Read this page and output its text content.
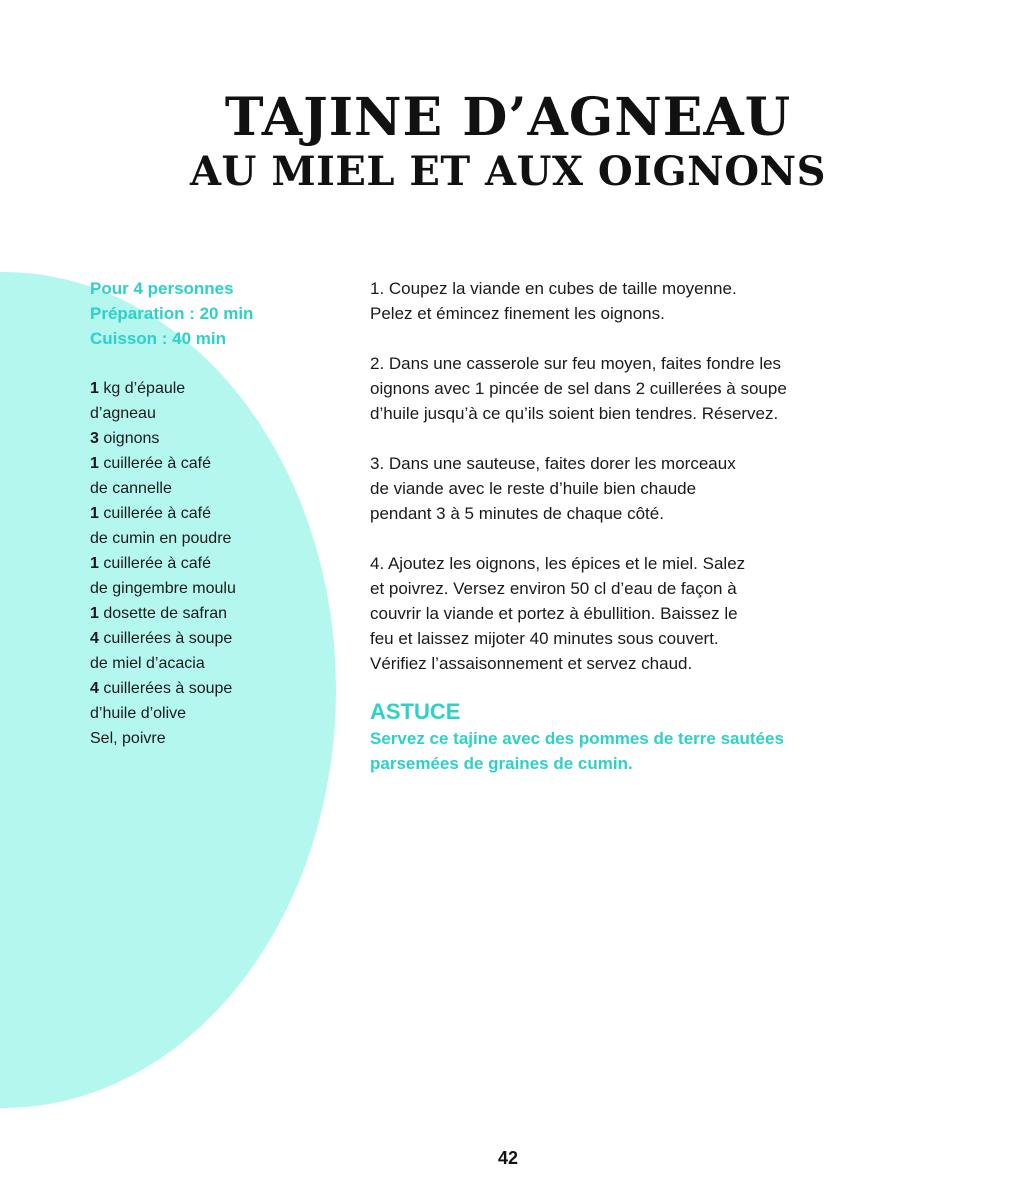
TAJINE D’AGNEAU
AU MIEL ET AUX OIGNONS
Pour 4 personnes
Préparation : 20 min
Cuisson : 40 min
1 kg d’épaule
d’agneau
3 oignons
1 cuillerée à café
de cannelle
1 cuillerée à café
de cumin en poudre
1 cuillerée à café
de gingembre moulu
1 dosette de safran
4 cuillerées à soupe
de miel d’acacia
4 cuillerées à soupe
d’huile d’olive
Sel, poivre
1. Coupez la viande en cubes de taille moyenne.
Pelez et émincez finement les oignons.
2. Dans une casserole sur feu moyen, faites fondre les
oignons avec 1 pincée de sel dans 2 cuillerées à soupe
d’huile jusqu’à ce qu’ils soient bien tendres. Réservez.
3. Dans une sauteuse, faites dorer les morceaux
de viande avec le reste d’huile bien chaude
pendant 3 à 5 minutes de chaque côté.
4. Ajoutez les oignons, les épices et le miel. Salez
et poivrez. Versez environ 50 cl d’eau de façon à
couvrir la viande et portez à ébullition. Baissez le
feu et laissez mijoter 40 minutes sous couvert.
Vérifiez l’assaisonnement et servez chaud.
ASTUCE
Servez ce tajine avec des pommes de terre sautées
parsemées de graines de cumin.
42
